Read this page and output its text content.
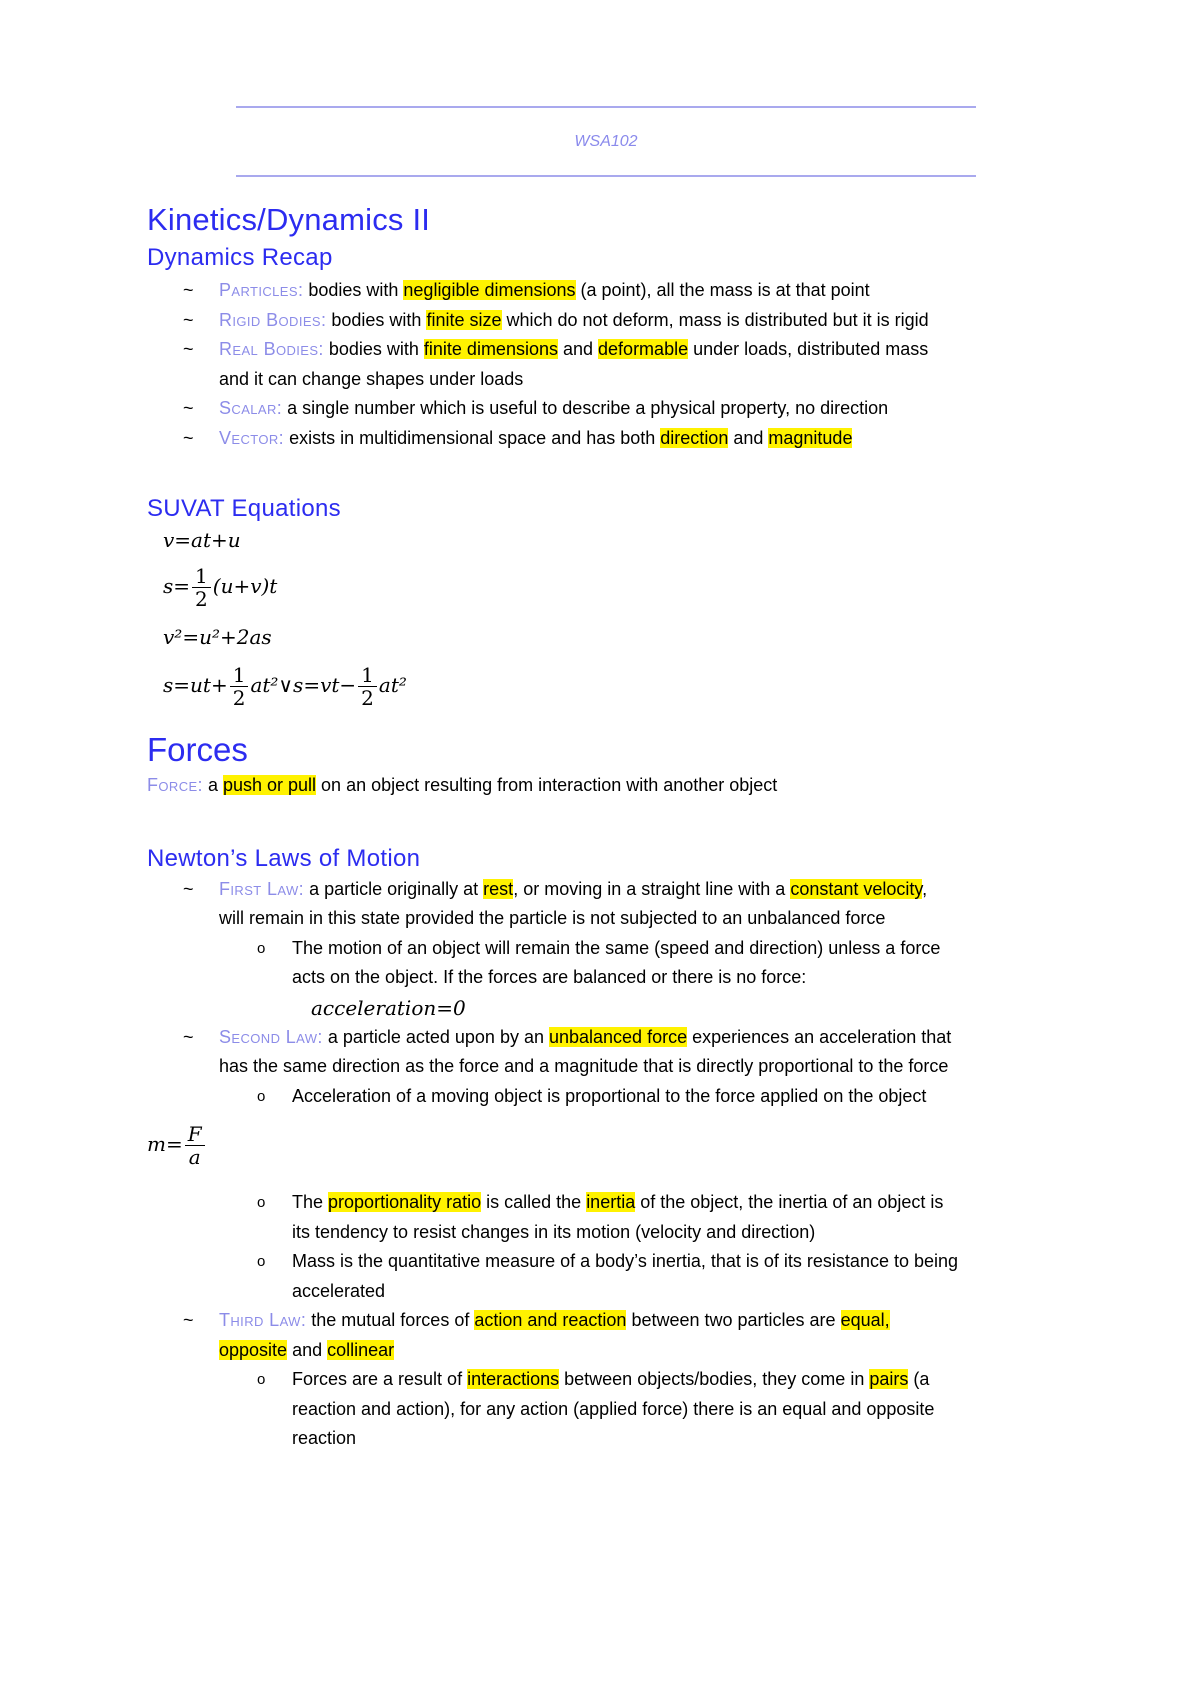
WSA102
Kinetics/Dynamics II
Dynamics Recap
~	Particles: bodies with negligible dimensions (a point), all the mass is at that point
~	Rigid Bodies: bodies with finite size which do not deform, mass is distributed but it is rigid
~	Real Bodies: bodies with finite dimensions and deformable under loads, distributed mass
and it can change shapes under loads
~	Scalar: a single number which is useful to describe a physical property, no direction
~	Vector: exists in multidimensional space and has both direction and magnitude
SUVAT Equations
v=at+u
$s= \frac{1}{2} (u+v)t$
v²=u²+2as
$s=ut+ \frac{1}{2}$ at²∨s=vt− $\frac{1}{2} at^2$
Forces
Force: a push or pull on an object resulting from interaction with another object
Newton’s Laws of Motion
~	First Law: a particle originally at rest, or moving in a straight line with a constant velocity,
will remain in this state provided the particle is not subjected to an unbalanced force
o The motion of an object will remain the same (speed and direction) unless a force
acts on the object. If the forces are balanced or there is no force:
acceleration=0
~	Second Law: a particle acted upon by an unbalanced force experiences an acceleration that
has the same direction as the force and a magnitude that is directly proportional to the force
o Acceleration of a moving object is proportional to the force applied on the object
$m= \frac{F}{a}$
o The proportionality ratio is called the inertia of the object, the inertia of an object is
its tendency to resist changes in its motion (velocity and direction)
o Mass is the quantitative measure of a body’s inertia, that is of its resistance to being
accelerated
~	Third Law: the mutual forces of action and reaction between two particles are equal,
opposite and collinear
o Forces are a result of interactions between objects/bodies, they come in pairs (a
reaction and action), for any action (applied force) there is an equal and opposite
reaction
